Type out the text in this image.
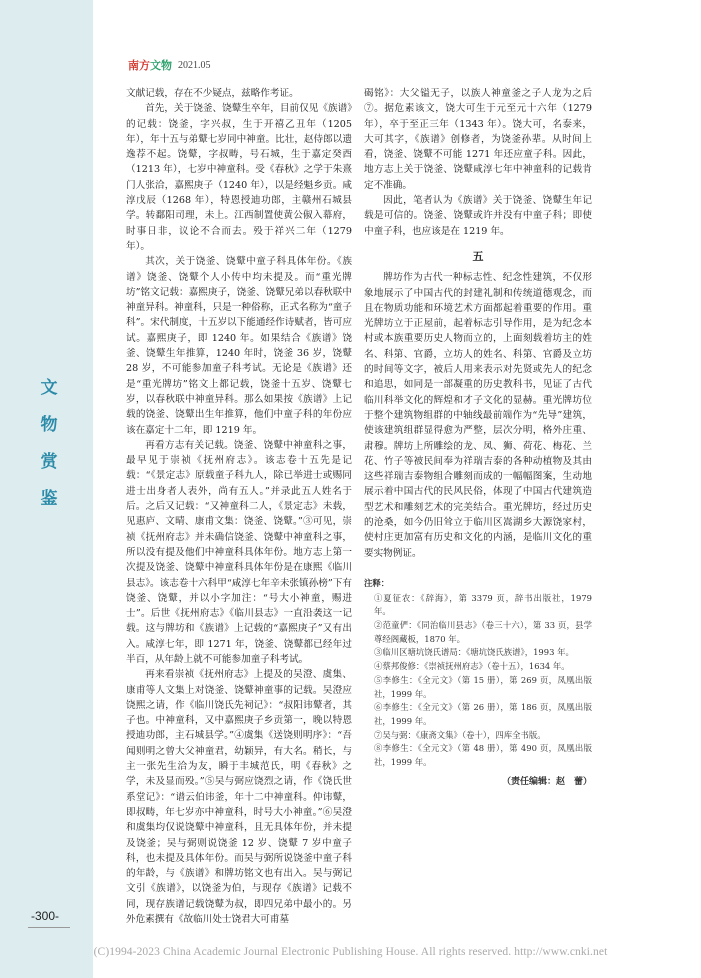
文
物
赏
鉴
南方文物 2021.05

文献记载，存在不少疑点，兹略作考证。

首先，关于饶釜、饶鼙生卒年，目前仅见《族谱》的记载：饶釜，字兴叔，生于开禧乙丑年（1205 年），年十五与弟鼙七岁同中神童。比壮，赵侍郎以遗逸荐不起。饶鼙，字叔畴，号石城，生于嘉定癸酉（1213 年），七岁中神童科。受《春秋》之学于朱熹门人张洽，嘉熙庚子（1240 年），以是经魁乡贡。咸淳戊辰（1268 年），特恩授迪功郎，主赣州石城县学。转鄱阳司理，未上。江西制置使黄公俶入幕府，时事日非，议论不合而去。殁于祥兴二年（1279 年）。

其次，关于饶釜、饶鼙中童子科具体年份。《族谱》饶釜、饶鼙个人小传中均未提及。而“重光牌坊”铭文记载：嘉熙庚子，饶釜、饶鼙兄弟以春秋联中神童异科。神童科，只是一种俗称，正式名称为“童子科”。宋代制度，十五岁以下能通经作诗赋者，皆可应试。嘉熙庚子，即 1240 年。如果结合《族谱》饶釜、饶鼙生年推算，1240 年时，饶釜 36 岁，饶鼙 28 岁，不可能参加童子科考试。无论是《族谱》还是“重光牌坊”铭文上都记载，饶釜十五岁、饶鼙七岁，以春秋联中神童异科。那么如果按《族谱》上记载的饶釜、饶鼙出生年推算，他们中童子科的年份应该在嘉定十二年，即 1219 年。

再看方志有关记载。饶釜、饶鼙中神童科之事，最早见于崇祯《抚州府志》。该志卷十五先是记载：“《景定志》原载童子科九人，除已举进士或赐同进士出身者人表外，尚有五人。”并录此五人姓名于后。之后又记载：“又神童科二人，《景定志》未载，见惠庐、文晴、康甫文集：饶釜、饶鼙。”③可见，崇祯《抚州府志》并未确信饶釜、饶鼙中神童科之事，所以没有提及他们中神童科具体年份。地方志上第一次提及饶釜、饶鼙中神童科具体年份是在康熙《临川县志》。该志卷十六科甲“咸淳七年辛未张镇孙榜”下有饶釜、饶鼙，并以小字加注：“号大小神童，赐进士”。后世《抚州府志》《临川县志》一直沿袭这一记载。这与牌坊和《族谱》上记载的“嘉熙庚子”又有出入。咸淳七年，即 1271 年，饶釜、饶鼙都已经年过半百，从年龄上就不可能参加童子科考试。

再来看崇祯《抚州府志》上提及的吴澄、虞集、康甫等人文集上对饶釜、饶鼙神童事的记载。吴澄应饶熙之请，作《临川饶氏先祠记》：“叔阳讳鼙者，其子也。中神童科，又中嘉熙庚子乡贡第一，晚以特恩授迪功郎，主石城县学。”④虞集《送饶则明序》：“吾闻则明之曾大父神童君，幼颖异，有大名。稍长，与主一张先生洽为友，瞬于丰城范氏，明《春秋》之学，未及显而殁。”⑤吴与弼应饶烈之请，作《饶氏世系堂记》：“谱云伯讳釜，年十二中神童科。仲讳鼙，即叔畴，年七岁亦中神童科，时号大小神童。”⑥吴澄和虞集均仅说饶鼙中神童科，且无具体年份，并未提及饶釜；吴与弼则说饶釜 12 岁、饶鼙 7 岁中童子科，也未提及具体年份。而吴与弼所说饶釜中童子科的年龄，与《族谱》和牌坊铭文也有出入。吴与弼记文引《族谱》，以饶釜为伯，与现存《族谱》记载不同，现存族谱记载饶鼙为叔，即四兄弟中最小的。另外危素撰有《故临川处士饶君大可甫墓

碣铭》：大父镒无子，以族人神童釜之子人龙为之后⑦。据危素该文，饶大可生于元至元十六年（1279 年），卒于至正三年（1343 年）。饶大可，名泰来，大可其字，《族谱》创修者，为饶釜孙辈。从时间上看，饶釜、饶鼙不可能 1271 年还应童子科。因此，地方志上关于饶釜、饶鼙咸淳七年中神童科的记载肯定不准确。

因此，笔者认为《族谱》关于饶釜、饶鼙生年记载是可信的。饶釜、饶鼙或许并没有中童子科；即使中童子科，也应该是在 1219 年。

五

牌坊作为古代一种标志性、纪念性建筑，不仅形象地展示了中国古代的封建礼制和传统道德观念，而且在物质功能和环境艺术方面都起着重要的作用。重光牌坊立于正屋前，起着标志引导作用，是为纪念本村或本族重要历史人物而立的，上面刻载着坊主的姓名、科第、官爵，立坊人的姓名、科第、官爵及立坊的时间等文字，被后人用来表示对先贤或先人的纪念和追思，如同是一部凝重的历史教科书，见证了古代临川科举文化的辉煌和才子文化的显赫。重光牌坊位于整个建筑物组群的中轴线最前端作为“先导”建筑，使该建筑组群显得愈为严整，层次分明，格外庄重、肃穆。牌坊上所雕绘的龙、凤、狮、荷花、梅花、兰花、竹子等被民间奉为祥瑞吉泰的各种动植物及其由这些祥瑞吉泰物组合雕刻而成的一幅幅图案，生动地展示着中国古代的民风民俗，体现了中国古代建筑造型艺术和雕刻艺术的完美结合。重光牌坊，经过历史的沧桑，如今仍旧耸立于临川区嵩湖乡大源饶家村，使村庄更加富有历史和文化的内涵，是临川文化的重要实物例证。

注释：
①夏征农：《辞海》，第 3379 页，辞书出版社，1979 年。
②范童俨：《同治临川县志》（卷三十六），第 33 页，县学尊经阁藏板，1870 年。
③临川区塘坑饶氏谱局：《塘坑饶氏族谱》，1993 年。
④蔡邦俊修：《崇祯抚州府志》（卷十五），1634 年。
⑤李修生：《全元文》（第 15 册），第 269 页，凤凰出版社，1999 年。
⑥李修生：《全元文》（第 26 册），第 186 页，凤凰出版社，1999 年。
⑦吴与弼：《康斋文集》（卷十），四库全书版。
⑧李修生：《全元文》（第 48 册），第 490 页，凤凰出版社，1999 年。
（责任编辑：赵　蕾）
-300-
(C)1994-2023 China Academic Journal Electronic Publishing House. All rights reserved. http://www.cnki.net
